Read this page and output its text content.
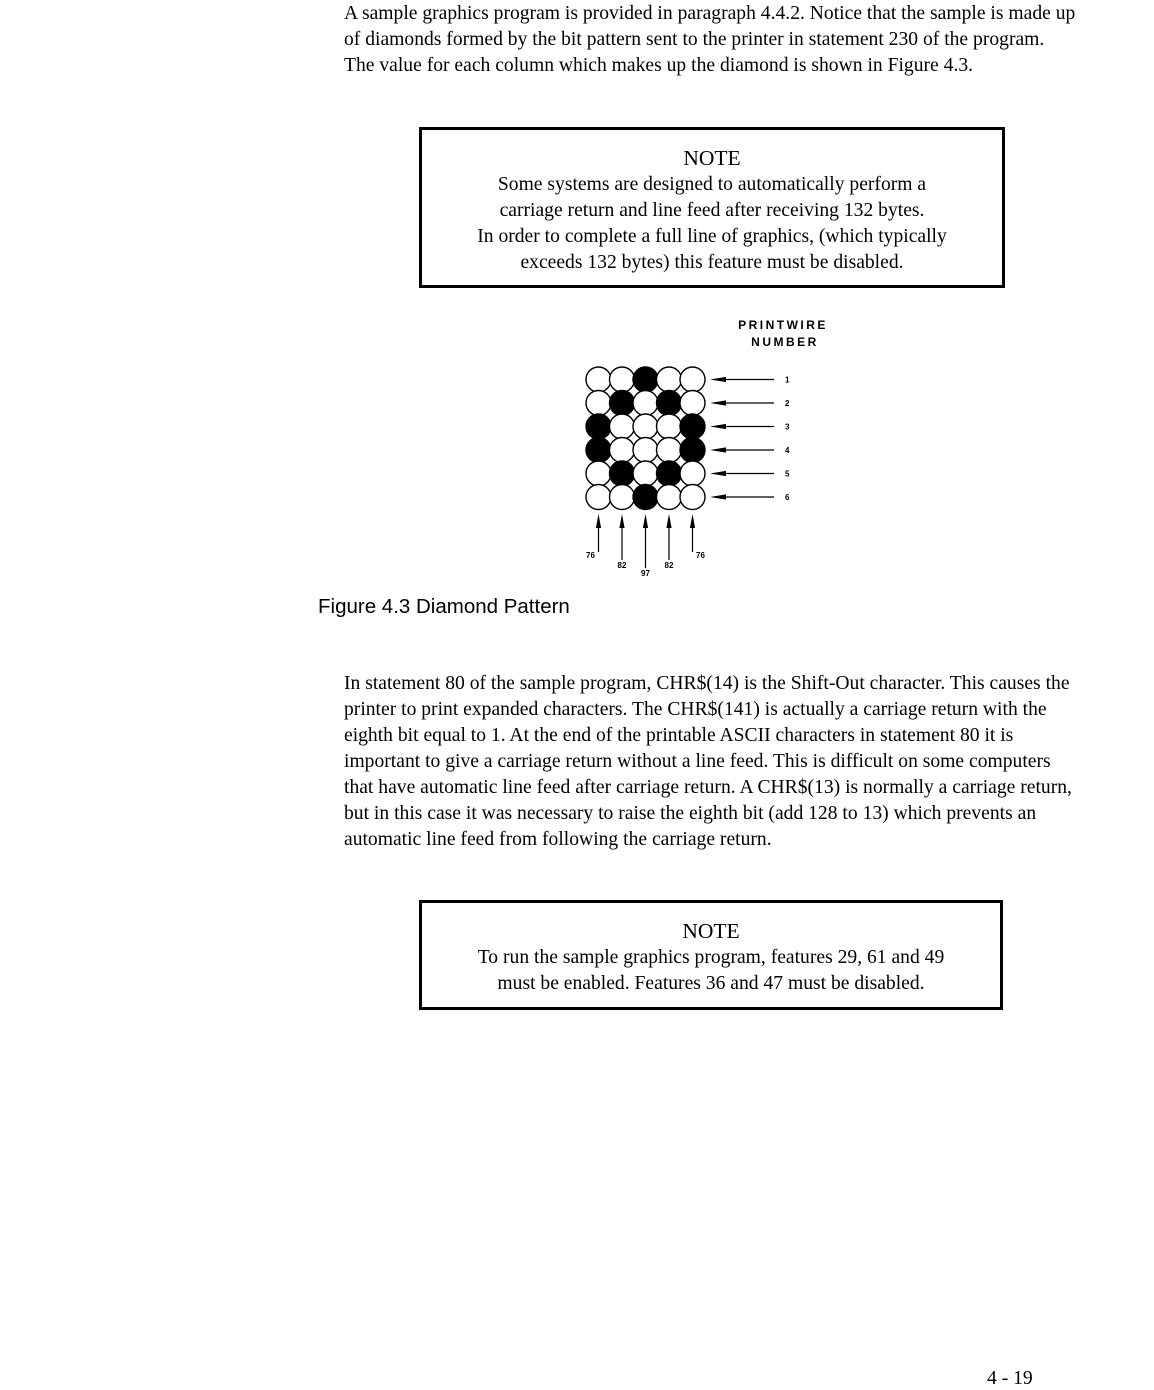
A sample graphics program is provided in paragraph 4.4.2. Notice that the sample is made up of diamonds formed by the bit pattern sent to the printer in statement 230 of the program. The value for each column which makes up the diamond is shown in Figure 4.3.

NOTE

Some systems are designed to automatically perform a

carriage return and line feed after receiving 132 bytes.

In order to complete a full line of graphics, (which typically

exceeds 132 bytes) this feature must be disabled.

PRINTWIRE
NUMBER
1
2
3
4
5
6
76
82
97
82
76
Figure 4.3 Diamond Pattern

In statement 80 of the sample program, CHR$(14) is the Shift-Out character. This causes the printer to print expanded characters. The CHR$(141) is actually a carriage return with the eighth bit equal to 1. At the end of the printable ASCII characters in statement 80 it is important to give a carriage return without a line feed. This is difficult on some computers that have automatic line feed after carriage return. A CHR$(13) is normally a carriage return, but in this case it was necessary to raise the eighth bit (add 128 to 13) which prevents an automatic line feed from following the carriage return.

NOTE

To run the sample graphics program, features 29, 61 and 49

must be enabled. Features 36 and 47 must be disabled.

4 - 19
